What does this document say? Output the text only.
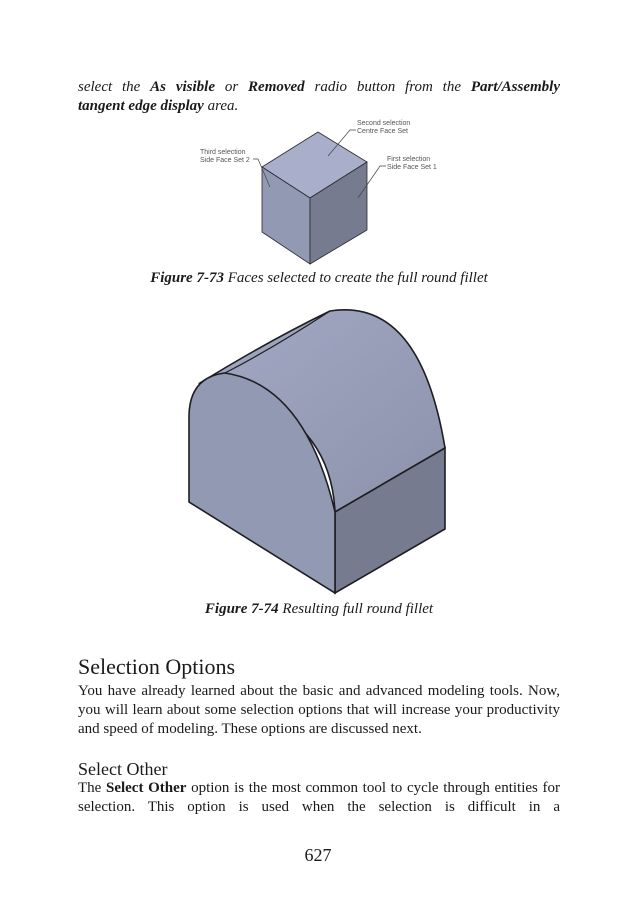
select the As visible or Removed radio button from the Part/Assembly
tangent edge display area.

Second selection
Centre Face Set
Third selection
Side Face Set 2	First selection
Side Face Set 1

Figure 7-73 Faces selected to create the full round fillet

Figure 7-74 Resulting full round fillet

Selection Options

You have already learned about the basic and advanced modeling tools. Now, you will learn about some selection options that will increase your productivity and speed of modeling. These options are discussed next.

Select Other

The Select Other option is the most common tool to cycle through entities for selection. This option is used when the selection is difficult in a

627
